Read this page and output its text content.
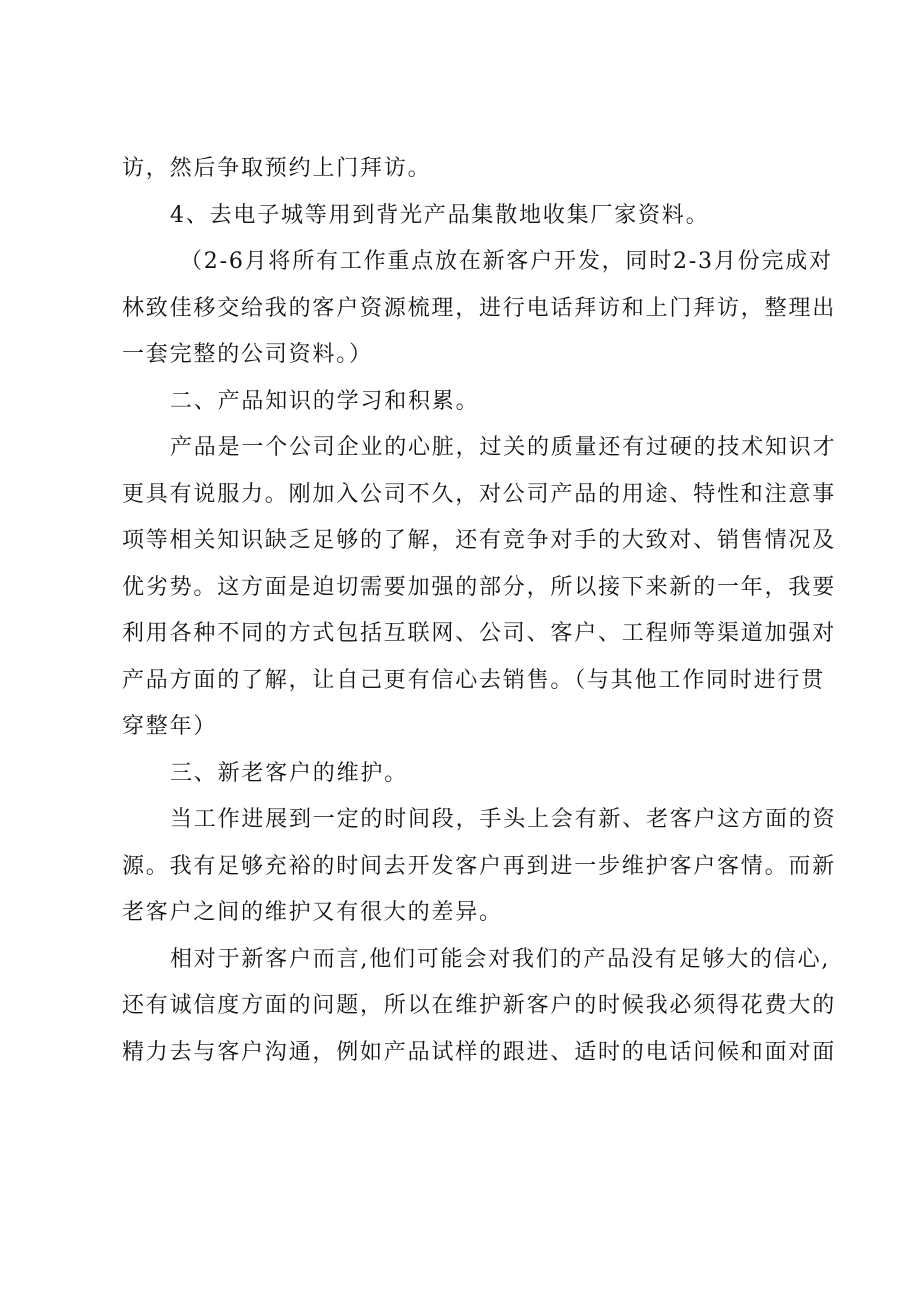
访，然后争取预约上门拜访。

4、去电子城等用到背光产品集散地收集厂家资料。

（2-6月将所有工作重点放在新客户开发，同时2-3月份完成对
林致佳移交给我的客户资源梳理，进行电话拜访和上门拜访，整理出
一套完整的公司资料。）

二、产品知识的学习和积累。

产品是一个公司企业的心脏，过关的质量还有过硬的技术知识才
更具有说服力。刚加入公司不久，对公司产品的用途、特性和注意事
项等相关知识缺乏足够的了解，还有竞争对手的大致对、销售情况及
优劣势。这方面是迫切需要加强的部分，所以接下来新的一年，我要
利用各种不同的方式包括互联网、公司、客户、工程师等渠道加强对
产品方面的了解，让自己更有信心去销售。（与其他工作同时进行贯
穿整年）

三、新老客户的维护。

当工作进展到一定的时间段，手头上会有新、老客户这方面的资
源。我有足够充裕的时间去开发客户再到进一步维护客户客情。而新
老客户之间的维护又有很大的差异。

相对于新客户而言,他们可能会对我们的产品没有足够大的信心,
还有诚信度方面的问题，所以在维护新客户的时候我必须得花费大的
精力去与客户沟通，例如产品试样的跟进、适时的电话问候和面对面
